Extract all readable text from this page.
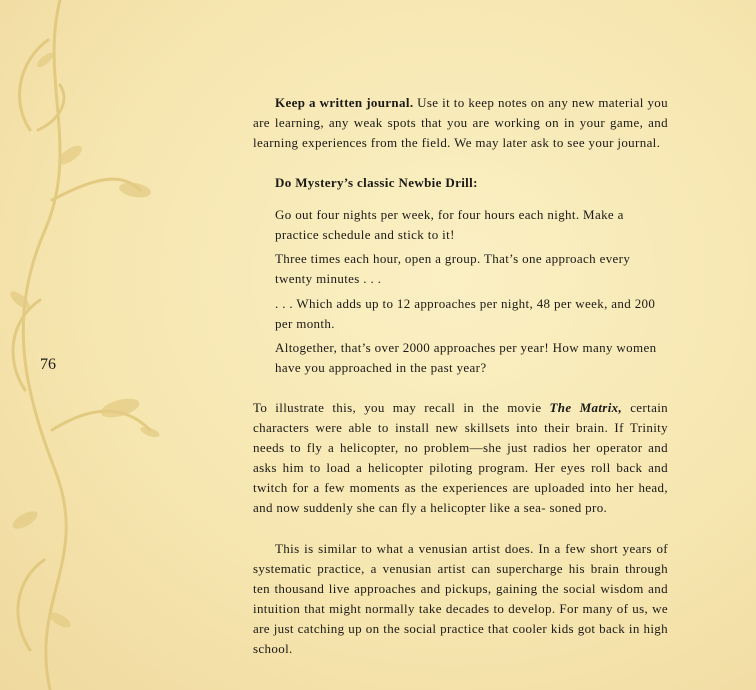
76
Keep a written journal. Use it to keep notes on any new material you are learning, any weak spots that you are working on in your game, and learning experiences from the field. We may later ask to see your journal.
Do Mystery’s classic Newbie Drill:
Go out four nights per week, for four hours each night. Make a practice schedule and stick to it!
Three times each hour, open a group. That’s one approach every twenty minutes . . .
. . . Which adds up to 12 approaches per night, 48 per week, and 200 per month.
Altogether, that’s over 2000 approaches per year! How many women have you approached in the past year?
To illustrate this, you may recall in the movie The Matrix, certain characters were able to install new skillsets into their brain. If Trinity needs to fly a helicopter, no problem—she just radios her operator and asks him to load a helicopter piloting program. Her eyes roll back and twitch for a few moments as the experiences are uploaded into her head, and now suddenly she can fly a helicopter like a sea- soned pro.
This is similar to what a venusian artist does. In a few short years of systematic practice, a venusian artist can supercharge his brain through ten thousand live approaches and pickups, gaining the social wisdom and intuition that might normally take decades to develop. For many of us, we are just catching up on the social practice that cooler kids got back in high school.
